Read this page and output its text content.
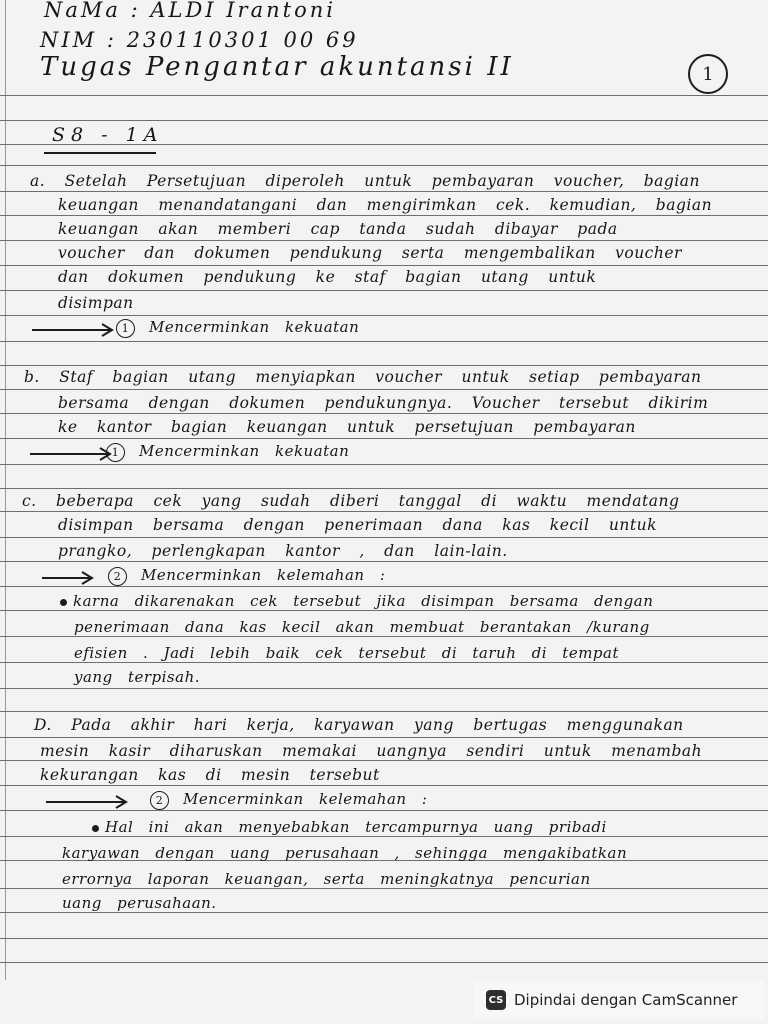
NaMa : ALDI Irantoni
NIM : 230110301 00 69
Tugas Pengantar akuntansi II	1
S8 - 1A
a. Setelah Persetujuan diperoleh untuk pembayaran voucher, bagian
keuangan menandatangani dan mengirimkan cek. kemudian, bagian
keuangan akan memberi cap tanda sudah dibayar pada
voucher dan dokumen pendukung serta mengembalikan voucher
dan dokumen pendukung ke staf bagian utang untuk
disimpan
1 Mencerminkan kekuatan
b. Staf bagian utang menyiapkan voucher untuk setiap pembayaran
bersama dengan dokumen pendukungnya. Voucher tersebut dikirim
ke kantor bagian keuangan untuk persetujuan pembayaran
1 Mencerminkan kekuatan
c. beberapa cek yang sudah diberi tanggal di waktu mendatang
disimpan bersama dengan penerimaan dana kas kecil untuk
prangko, perlengkapan kantor , dan lain-lain.
2 Mencerminkan kelemahan :
karna dikarenakan cek tersebut jika disimpan bersama dengan
penerimaan dana kas kecil akan membuat berantakan /kurang
efisien . Jadi lebih baik cek tersebut di taruh di tempat
yang terpisah.
D. Pada akhir hari kerja, karyawan yang bertugas menggunakan
mesin kasir diharuskan memakai uangnya sendiri untuk menambah
kekurangan kas di mesin tersebut
2 Mencerminkan kelemahan :
Hal ini akan menyebabkan tercampurnya uang pribadi
karyawan dengan uang perusahaan , sehingga mengakibatkan
errornya laporan keuangan, serta meningkatnya pencurian
uang perusahaan.
CS Dipindai dengan CamScanner
